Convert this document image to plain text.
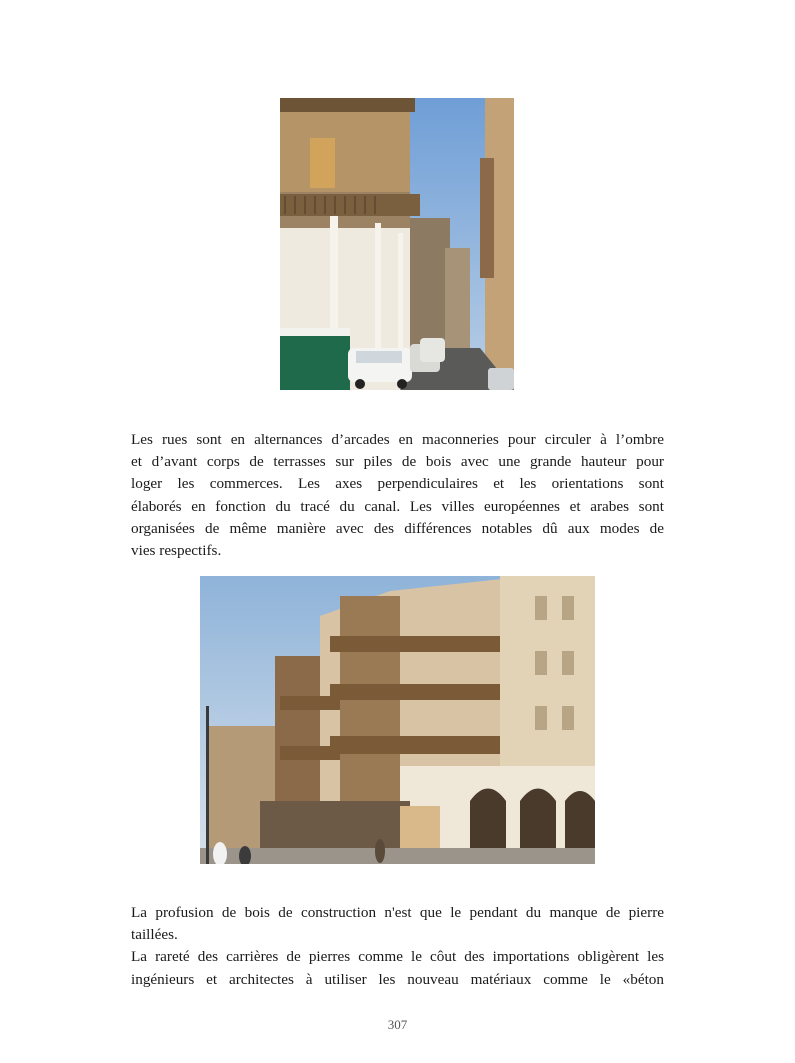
Les rues sont en alternances d’arcades en maconneries pour circuler à l’ombre
et d’avant corps de terrasses sur piles de bois avec une grande hauteur pour
loger les commerces. Les axes perpendiculaires et les orientations sont
élaborés en fonction du tracé du canal. Les villes européennes et arabes sont
organisées de même manière avec des différences notables dû aux modes de
vies respectifs.

La profusion de bois de construction n'est que le pendant du manque de pierre
taillées.
La rareté des carrières de pierres comme le côut des importations obligèrent les
ingénieurs et architectes à utiliser les nouveau matériaux comme le «béton

307
